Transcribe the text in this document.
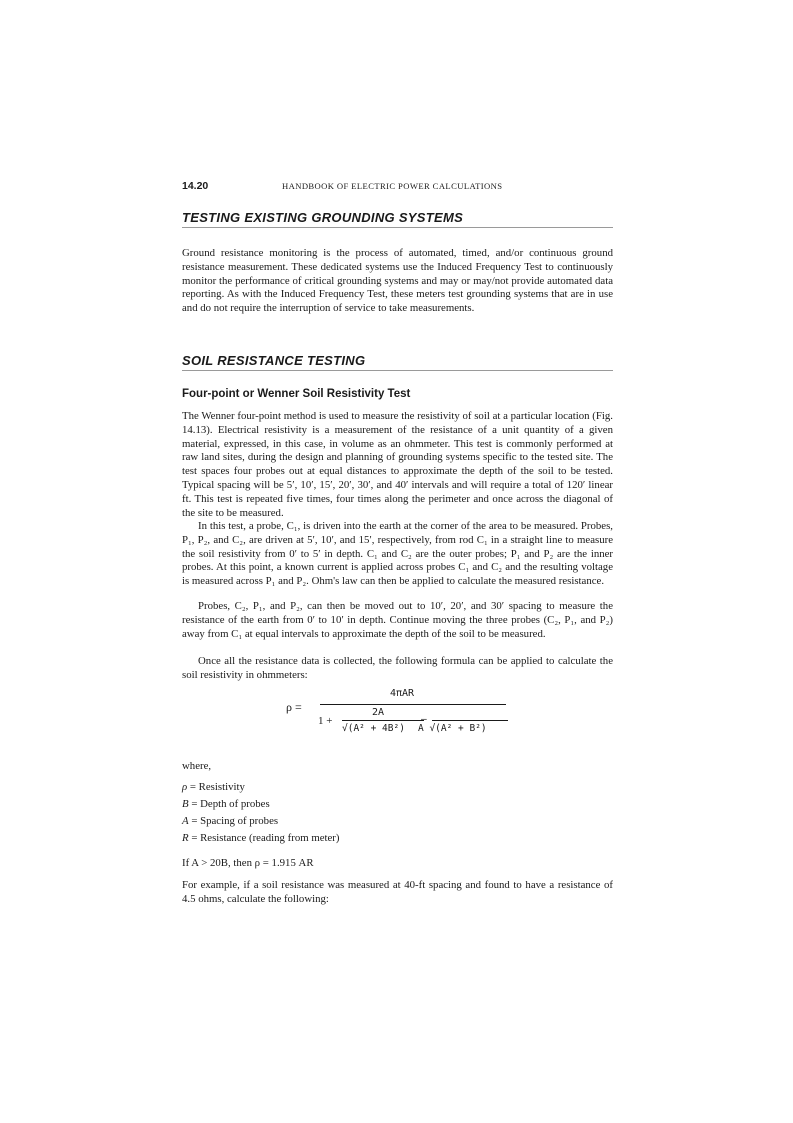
14.20	HANDBOOK OF ELECTRIC POWER CALCULATIONS
TESTING EXISTING GROUNDING SYSTEMS

Ground resistance monitoring is the process of automated, timed, and/or continuous ground resistance measurement. These dedicated systems use the Induced Frequency Test to continuously monitor the performance of critical grounding systems and may or may/not provide automated data reporting. As with the Induced Frequency Test, these meters test grounding systems that are in use and do not require the interruption of service to take measurements.

SOIL RESISTANCE TESTING
Four-point or Wenner Soil Resistivity Test

The Wenner four-point method is used to measure the resistivity of soil at a particular location (Fig. 14.13). Electrical resistivity is a measurement of the resistance of a unit quantity of a given material, expressed, in this case, in volume as an ohmmeter. This test is commonly performed at raw land sites, during the design and planning of grounding systems specific to the tested site. The test spaces four probes out at equal distances to approximate the depth of the soil to be tested. Typical spacing will be 5′, 10′, 15′, 20′, 30′, and 40′ intervals and will require a total of 120′ linear ft. This test is repeated five times, four times along the perimeter and once across the diagonal of the site to be measured.

In this test, a probe, C₁, is driven into the earth at the corner of the area to be measured. Probes, P₁, P₂, and C₂, are driven at 5′, 10′, and 15′, respectively, from rod C₁ in a straight line to measure the soil resistivity from 0′ to 5′ in depth. C₁ and C₂ are the outer probes; P₁ and P₂ are the inner probes. At this point, a known current is applied across probes C₁ and C₂ and the resulting voltage is measured across P₁ and P₂. Ohm's law can then be applied to calculate the measured resistance.

Probes, C₂, P₁, and P₂, can then be moved out to 10′, 20′, and 30′ spacing to measure the resistance of the earth from 0′ to 10′ in depth. Continue moving the three probes (C₂, P₁, and P₂) away from C₁ at equal intervals to approximate the depth of the soil to be measured.

Once all the resistance data is collected, the following formula can be applied to calculate the soil resistivity in ohmmeters:

ρ =
4πAR
1 +
2A
√(A² + 4B²)
—
A √(A² + B²)
where,
ρ = Resistivity
B = Depth of probes
A = Spacing of probes
R = Resistance (reading from meter)
If A > 20B, then ρ = 1.915 AR

For example, if a soil resistance was measured at 40-ft spacing and found to have a resistance of 4.5 ohms, calculate the following:
